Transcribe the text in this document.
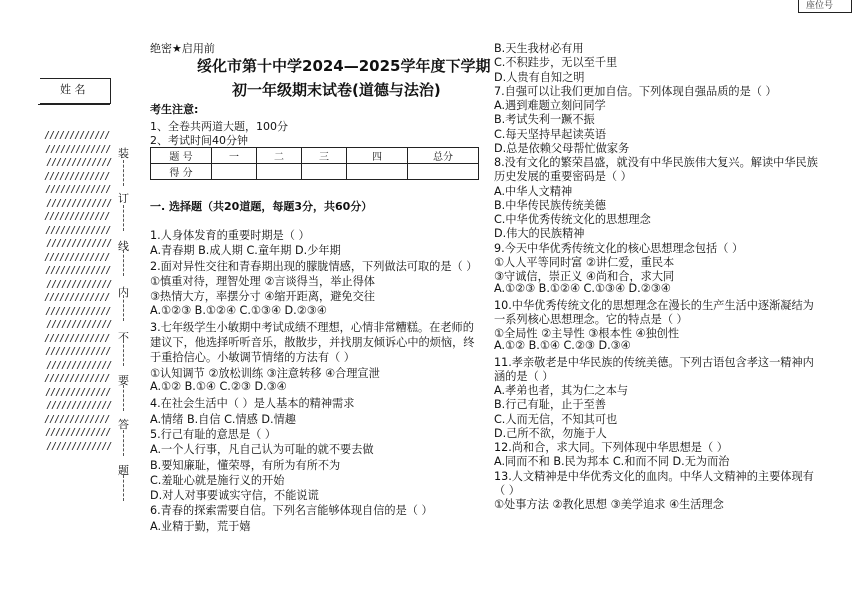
姓 名
/////////////
/////////////
/////////////
/////////////
/////////////
/////////////
/////////////
/////////////
/////////////
/////////////
/////////////
/////////////
/////////////
/////////////
/////////////
/////////////
/////////////
/////////////
/////////////
/////////////
/////////////
/////////////
/////////////
/////////////
装
订
线
内
不
要
答
题
座位号
绝密★启用前
绥化市第十中学2024—2025学年度下学期
初一年级期末试卷(道德与法治)
考生注意:
1、全卷共两道大题，100分
2、考试时间40分钟
题 号	一	二	三	四	总分
得 分					
一. 选择题（共20道题，每题3分，共60分）
1.人身体发育的重要时期是（ ）
A.青春期 B.成人期 C.童年期 D.少年期
2.面对异性交往和青春期出现的朦胧情感，下列做法可取的是（ ）
①慎重对待，理智处理 ②言谈得当，举止得体
③热情大方，率摆分寸 ④缩开距离，避免交往
A.①②③ B.①②④ C.①③④ D.②③④
3.七年级学生小敏期中考试成绩不理想，心情非常糟糕。在老师的
建议下，他选择听听音乐，散散步，并找朋友倾诉心中的烦恼，终
于重拾信心。小敏调节情绪的方法有（ ）
①认知调节 ②放松训练 ③注意转移 ④合理宣泄
A.①② B.①④ C.②③ D.③④
4.在社会生活中（ ）是人基本的精神需求
A.情绪 B.自信 C.情感 D.情趣
5.行己有耻的意思是（ ）
A.一个人行事，凡自己认为可耻的就不要去做
B.要知廉耻，懂荣辱，有所为有所不为
C.羞耻心就是施行义的开始
D.对人对事要诚实守信，不能说谎
6.青春的探索需要自信。下列名言能够体现自信的是（ ）
A.业精于勤，荒于嬉
B.天生我材必有用
C.不积跬步，无以至千里
D.人贵有自知之明
7.自强可以让我们更加自信。下列体现自强品质的是（ ）
A.遇到难题立刻问同学
B.考试失利一蹶不振
C.每天坚持早起读英语
D.总是依赖父母帮忙做家务
8.没有文化的繁荣昌盛，就没有中华民族伟大复兴。解读中华民族
历史发展的重要密码是（ ）
A.中华人文精神
B.中华传民族传统美德
C.中华优秀传统文化的思想理念
D.伟大的民族精神
9.今天中华优秀传统文化的核心思想理念包括（ ）
①人人平等同时富 ②讲仁爱，重民本
③守诚信，崇正义 ④尚和合，求大同
A.①②③ B.①②④ C.①③④ D.②③④
10.中华优秀传统文化的思想理念在漫长的生产生活中逐渐凝结为
一系列核心思想理念。它的特点是（ ）
①全局性 ②主导性 ③根本性 ④独创性
A.①② B.①④ C.②③ D.③④
11.孝亲敬老是中华民族的传统美德。下列古语包含孝这一精神内
涵的是（ ）
A.孝弟也者，其为仁之本与
B.行己有耻，止于至善
C.人而无信，不知其可也
D.己所不欲，勿施于人
12.尚和合，求大同。下列体现中华思想是（ ）
A.同而不和 B.民为邦本 C.和而不同 D.无为而治
13.人文精神是中华优秀文化的血肉。中华人文精神的主要体现有
（ ）
①处事方法 ②教化思想 ③美学追求 ④生活理念
